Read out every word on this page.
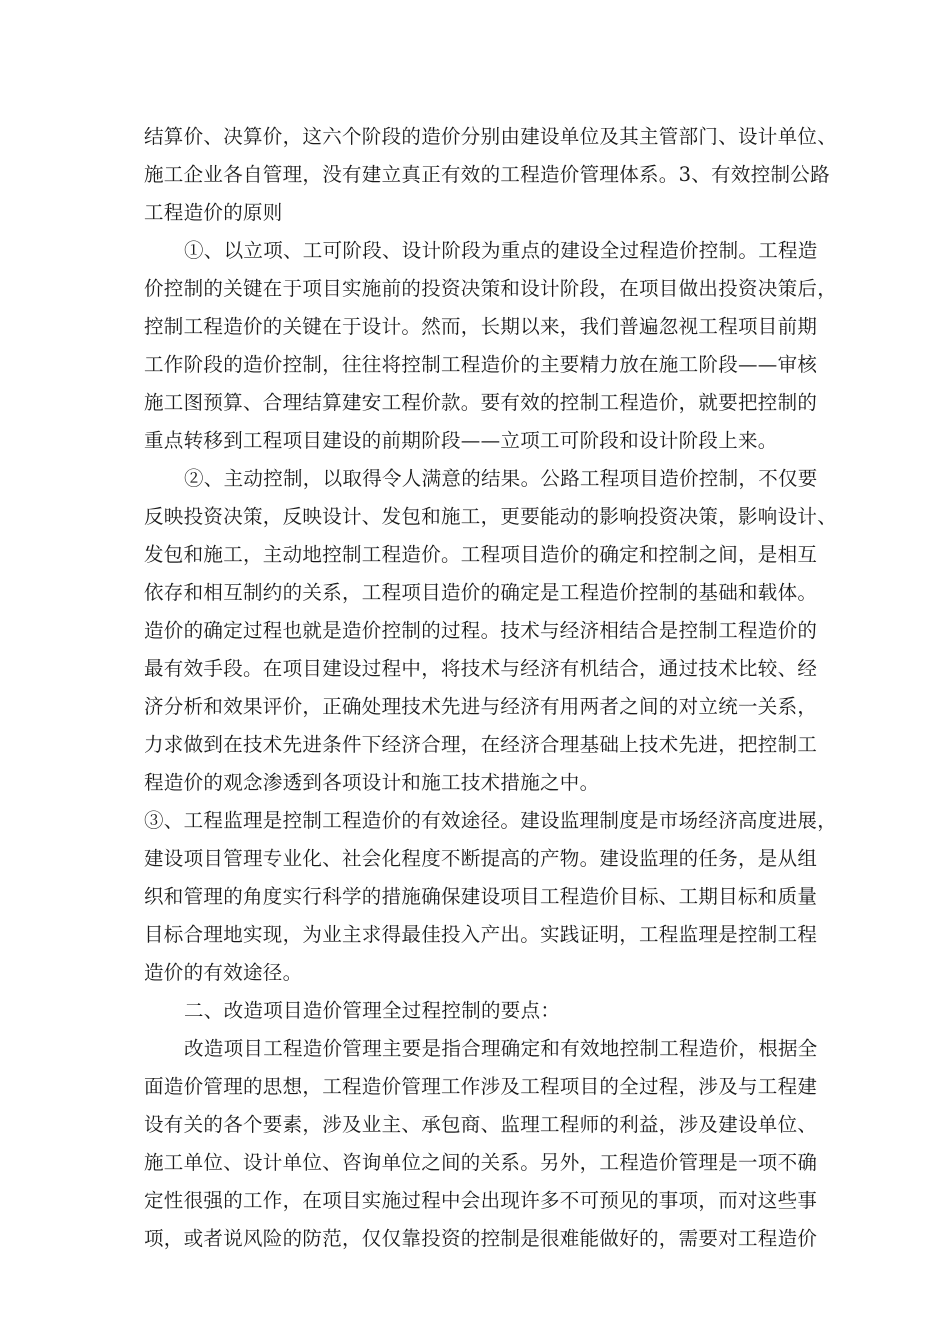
结算价、决算价，这六个阶段的造价分别由建设单位及其主管部门、设计单位、
施工企业各自管理，没有建立真正有效的工程造价管理体系。3、有效控制公路
工程造价的原则
①、以立项、工可阶段、设计阶段为重点的建设全过程造价控制。工程造
价控制的关键在于项目实施前的投资决策和设计阶段，在项目做出投资决策后，
控制工程造价的关键在于设计。然而，长期以来，我们普遍忽视工程项目前期
工作阶段的造价控制，往往将控制工程造价的主要精力放在施工阶段——审核
施工图预算、合理结算建安工程价款。要有效的控制工程造价，就要把控制的
重点转移到工程项目建设的前期阶段——立项工可阶段和设计阶段上来。
②、主动控制，以取得令人满意的结果。公路工程项目造价控制，不仅要
反映投资决策，反映设计、发包和施工，更要能动的影响投资决策，影响设计、
发包和施工，主动地控制工程造价。工程项目造价的确定和控制之间，是相互
依存和相互制约的关系，工程项目造价的确定是工程造价控制的基础和载体。
造价的确定过程也就是造价控制的过程。技术与经济相结合是控制工程造价的
最有效手段。在项目建设过程中，将技术与经济有机结合，通过技术比较、经
济分析和效果评价，正确处理技术先进与经济有用两者之间的对立统一关系，
力求做到在技术先进条件下经济合理，在经济合理基础上技术先进，把控制工
程造价的观念渗透到各项设计和施工技术措施之中。
③、工程监理是控制工程造价的有效途径。建设监理制度是市场经济高度进展，
建设项目管理专业化、社会化程度不断提高的产物。建设监理的任务，是从组
织和管理的角度实行科学的措施确保建设项目工程造价目标、工期目标和质量
目标合理地实现，为业主求得最佳投入产出。实践证明，工程监理是控制工程
造价的有效途径。
二、改造项目造价管理全过程控制的要点：
改造项目工程造价管理主要是指合理确定和有效地控制工程造价，根据全
面造价管理的思想，工程造价管理工作涉及工程项目的全过程，涉及与工程建
设有关的各个要素，涉及业主、承包商、监理工程师的利益，涉及建设单位、
施工单位、设计单位、咨询单位之间的关系。另外，工程造价管理是一项不确
定性很强的工作，在项目实施过程中会出现许多不可预见的事项，而对这些事
项，或者说风险的防范，仅仅靠投资的控制是很难能做好的，需要对工程造价
